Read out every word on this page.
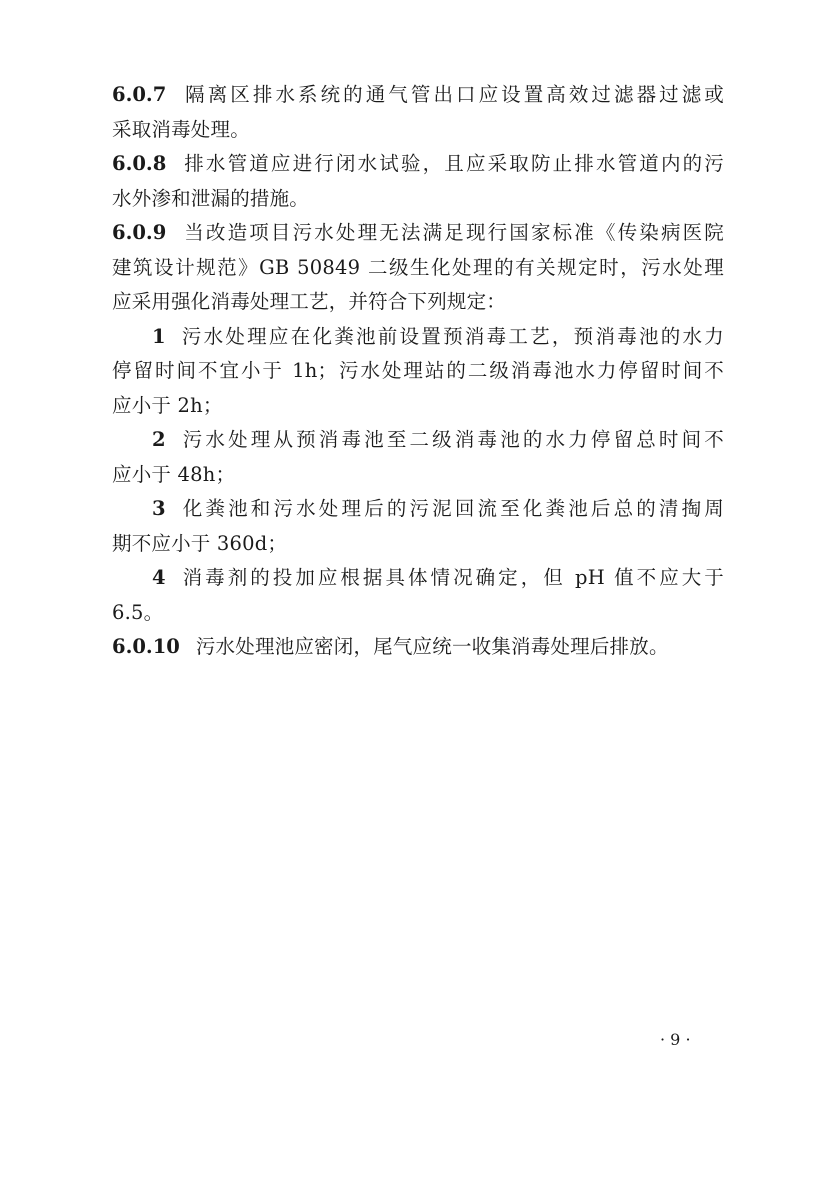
6.0.7 隔离区排水系统的通气管出口应设置高效过滤器过滤或
采取消毒处理。
6.0.8 排水管道应进行闭水试验，且应采取防止排水管道内的污
水外渗和泄漏的措施。
6.0.9 当改造项目污水处理无法满足现行国家标准《传染病医院
建筑设计规范》GB 50849 二级生化处理的有关规定时，污水处理
应采用强化消毒处理工艺，并符合下列规定：
1 污水处理应在化粪池前设置预消毒工艺，预消毒池的水力
停留时间不宜小于 1h；污水处理站的二级消毒池水力停留时间不
应小于 2h；
2 污水处理从预消毒池至二级消毒池的水力停留总时间不
应小于 48h；
3 化粪池和污水处理后的污泥回流至化粪池后总的清掏周
期不应小于 360d；
4 消毒剂的投加应根据具体情况确定，但 pH 值不应大于
6.5。
6.0.10 污水处理池应密闭，尾气应统一收集消毒处理后排放。
· 9 ·
